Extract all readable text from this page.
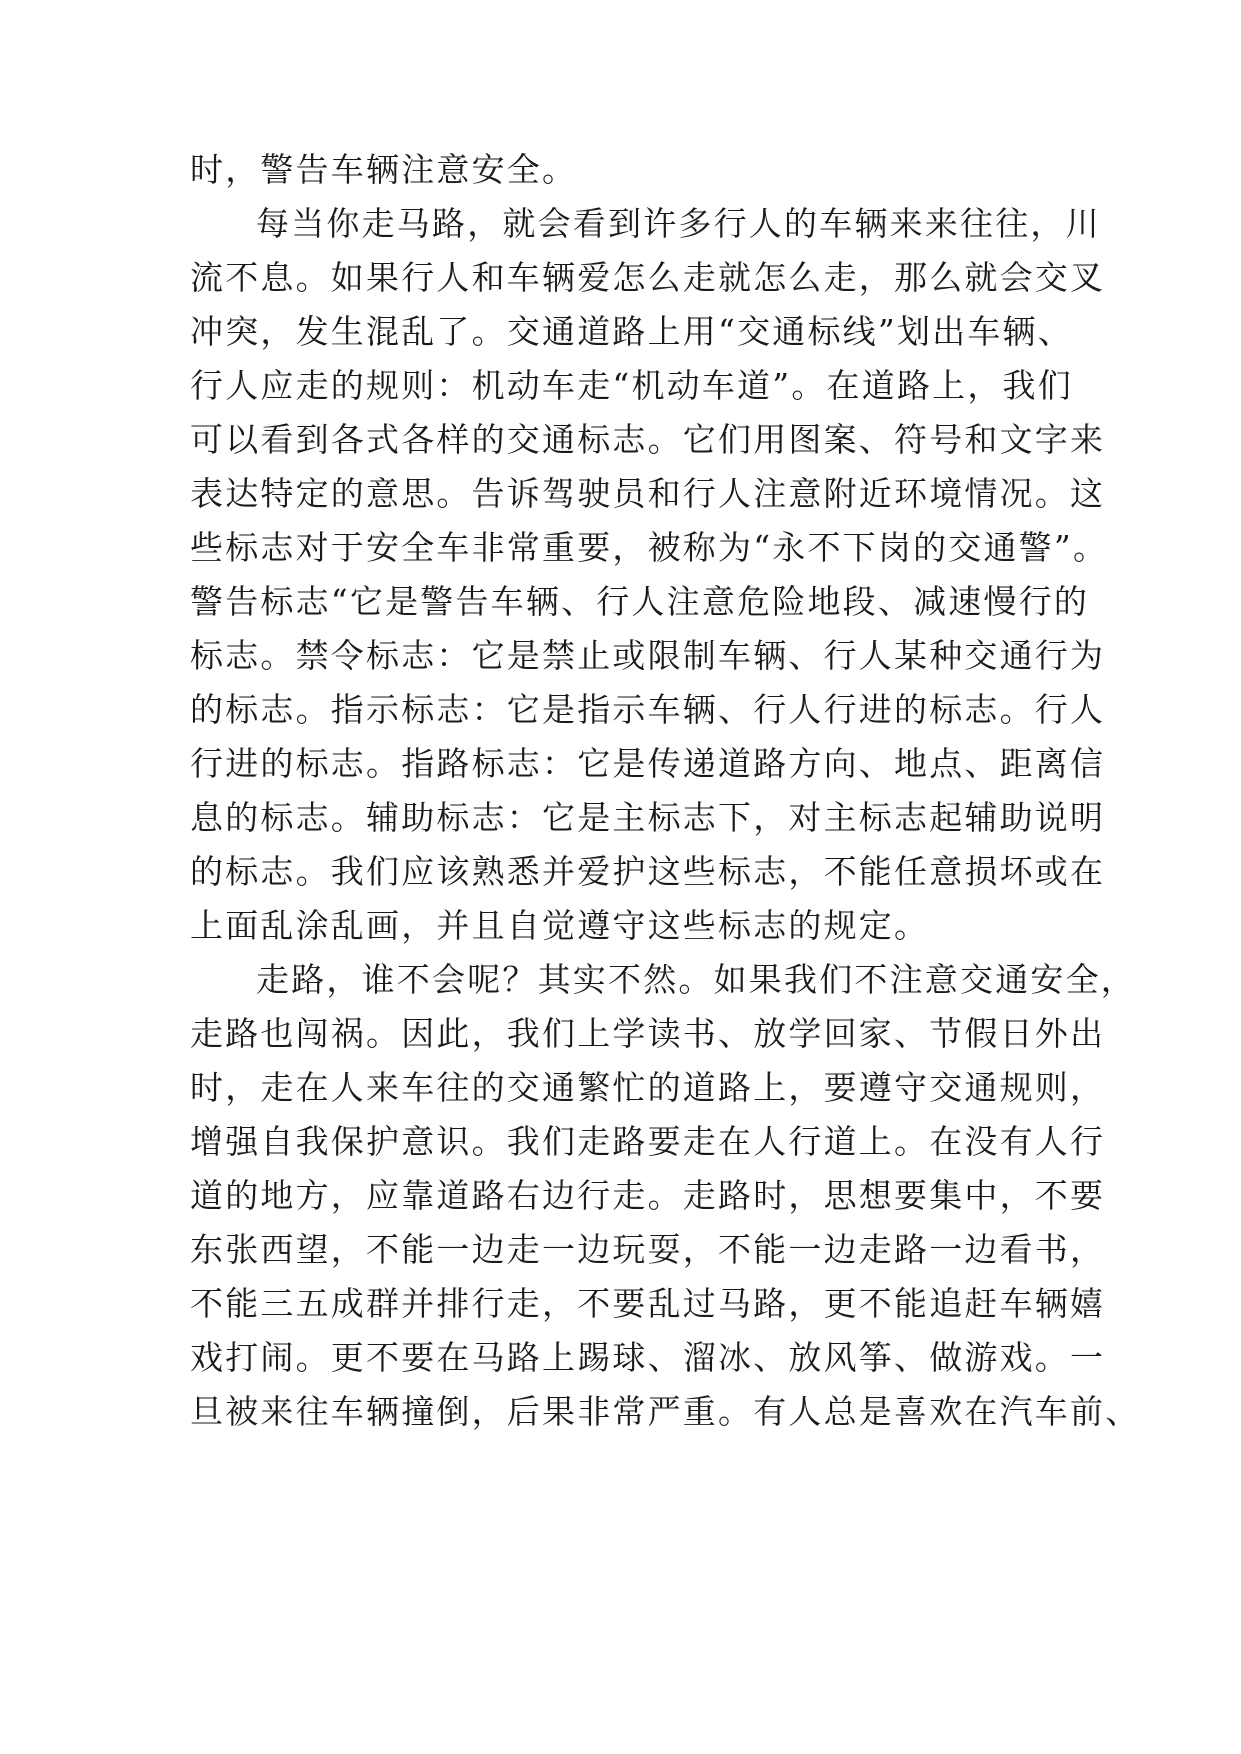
时，警告车辆注意安全。
每当你走马路，就会看到许多行人的车辆来来往往，川
流不息。如果行人和车辆爱怎么走就怎么走，那么就会交叉
冲突，发生混乱了。交通道路上用“交通标线”划出车辆、
行人应走的规则：机动车走“机动车道”。在道路上，我们
可以看到各式各样的交通标志。它们用图案、符号和文字来
表达特定的意思。告诉驾驶员和行人注意附近环境情况。这
些标志对于安全车非常重要，被称为“永不下岗的交通警”。
警告标志“它是警告车辆、行人注意危险地段、减速慢行的
标志。禁令标志：它是禁止或限制车辆、行人某种交通行为
的标志。指示标志：它是指示车辆、行人行进的标志。行人
行进的标志。指路标志：它是传递道路方向、地点、距离信
息的标志。辅助标志：它是主标志下，对主标志起辅助说明
的标志。我们应该熟悉并爱护这些标志，不能任意损坏或在
上面乱涂乱画，并且自觉遵守这些标志的规定。
走路，谁不会呢？其实不然。如果我们不注意交通安全，
走路也闯祸。因此，我们上学读书、放学回家、节假日外出
时，走在人来车往的交通繁忙的道路上，要遵守交通规则，
增强自我保护意识。我们走路要走在人行道上。在没有人行
道的地方，应靠道路右边行走。走路时，思想要集中，不要
东张西望，不能一边走一边玩耍，不能一边走路一边看书，
不能三五成群并排行走，不要乱过马路，更不能追赶车辆嬉
戏打闹。更不要在马路上踢球、溜冰、放风筝、做游戏。一
旦被来往车辆撞倒，后果非常严重。有人总是喜欢在汽车前、
